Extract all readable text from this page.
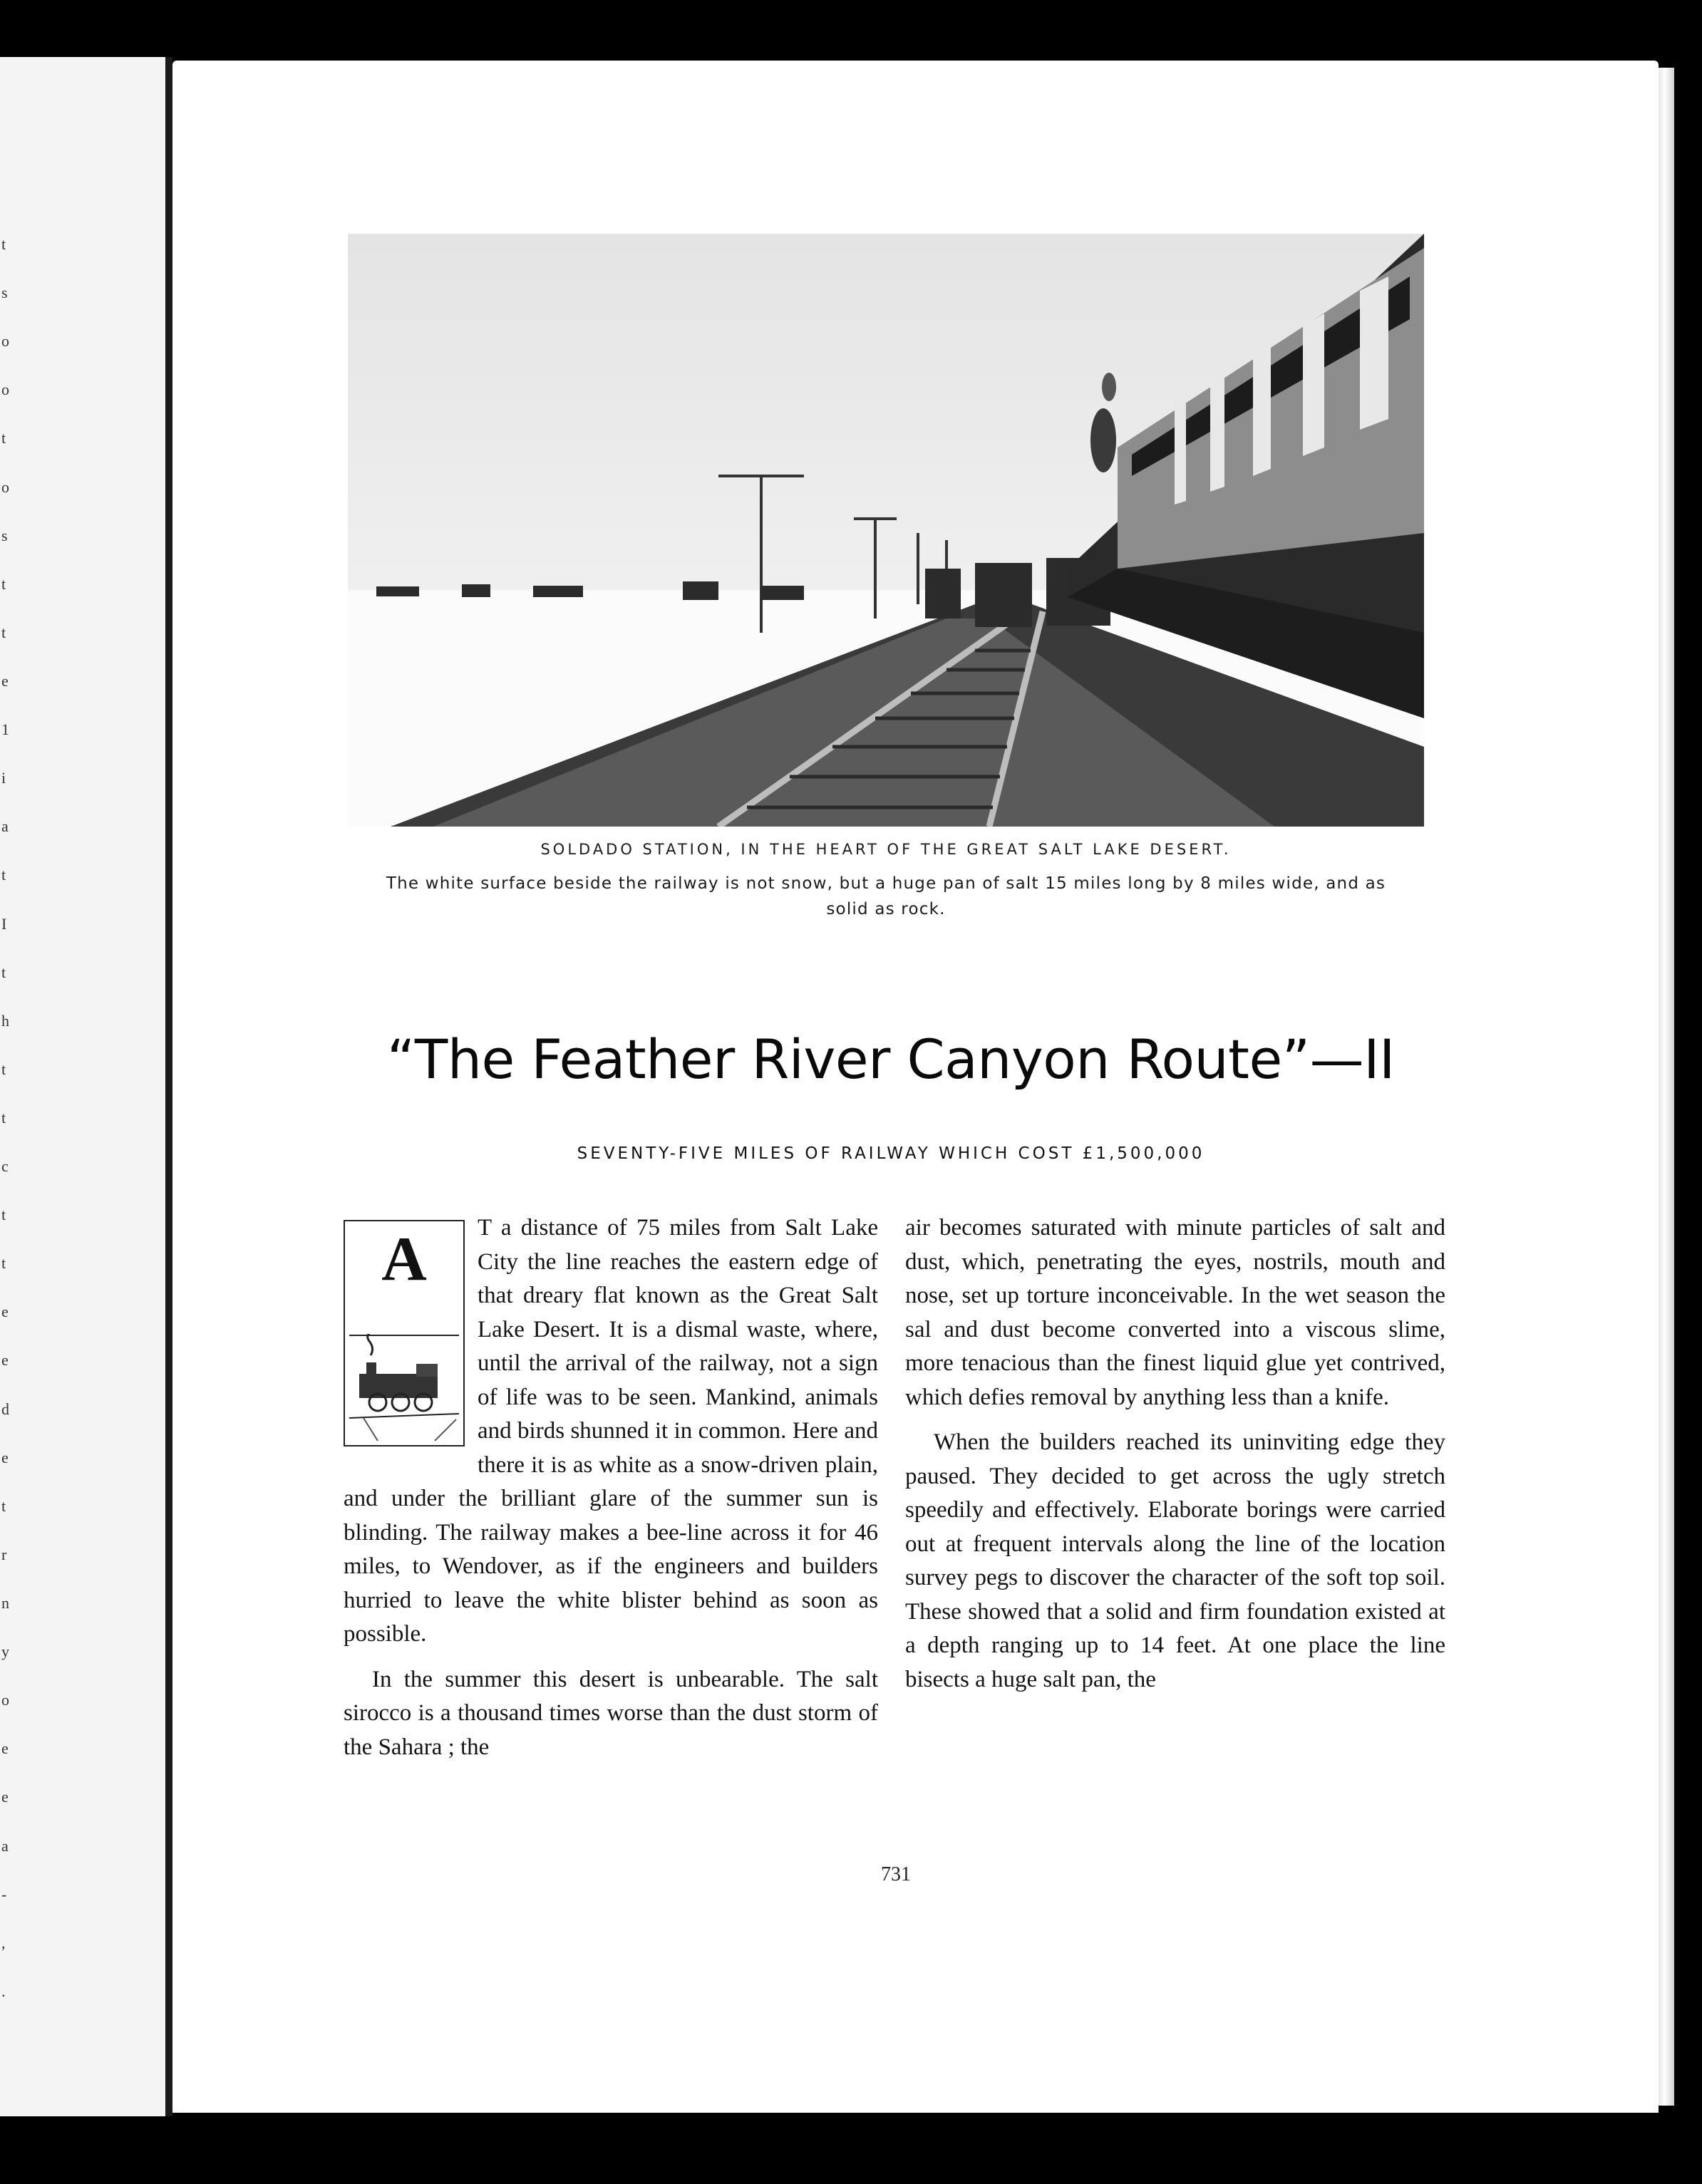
t
s
o
o
t
o
s
t
t
e
1
i
a
t
I
t
h
t
t
c
t
t
e
e
d
e
t
r
n
y
o
e
e
a
-
,
.
SOLDADO STATION, IN THE HEART OF THE GREAT SALT LAKE DESERT.
The white surface beside the railway is not snow, but a huge pan of salt 15 miles long by 8 miles wide, and as solid as rock.
“The Feather River Canyon Route”—II
SEVENTY-FIVE MILES OF RAILWAY WHICH COST £1,500,000

A	T a distance of 75 miles from Salt Lake City the line reaches the eastern edge of that dreary flat known as the Great Salt Lake Desert. It is a dismal waste, where, until the arrival of the railway, not a sign of life was to be seen. Mankind, animals and birds shunned it in common. Here and there it is as white as a snow-driven plain, and under the brilliant glare of the summer sun is blinding. The railway makes a bee-line across it for 46 miles, to Wendover, as if the engineers and builders hurried to leave the white blister behind as soon as possible.

In the summer this desert is unbearable. The salt sirocco is a thousand times worse than the dust storm of the Sahara ; the

air becomes saturated with minute particles of salt and dust, which, penetrating the eyes, nostrils, mouth and nose, set up torture inconceivable. In the wet season the sal and dust become converted into a viscous slime, more tenacious than the finest liquid glue yet contrived, which defies removal by anything less than a knife.

When the builders reached its uninviting edge they paused. They decided to get across the ugly stretch speedily and effectively. Elaborate borings were carried out at frequent intervals along the line of the location survey pegs to discover the character of the soft top soil. These showed that a solid and firm foundation existed at a depth ranging up to 14 feet. At one place the line bisects a huge salt pan, the

731
